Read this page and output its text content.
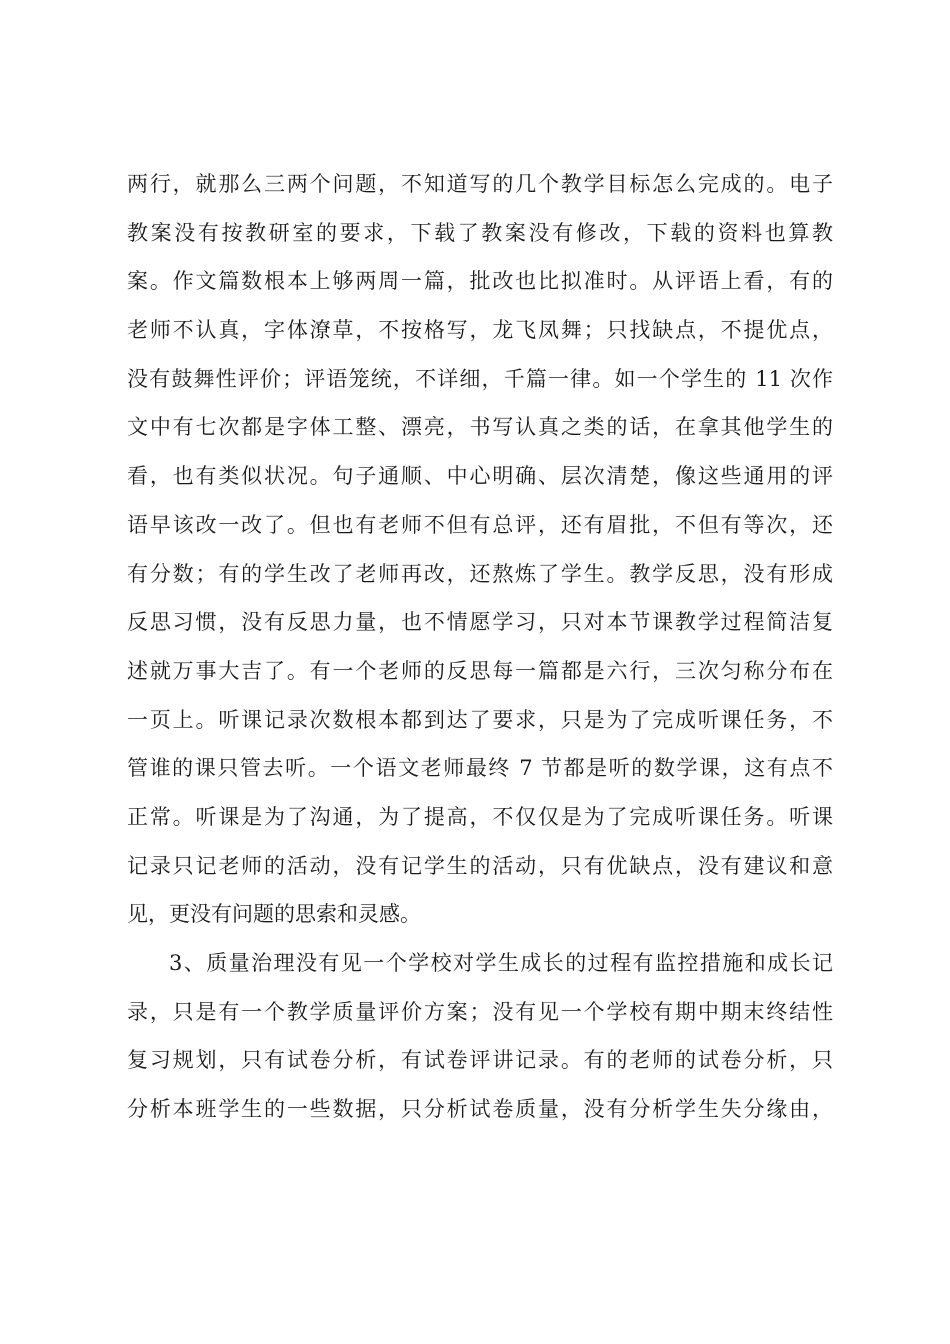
两行，就那么三两个问题，不知道写的几个教学目标怎么完成的。电子
教案没有按教研室的要求，下载了教案没有修改，下载的资料也算教
案。作文篇数根本上够两周一篇，批改也比拟准时。从评语上看，有的
老师不认真，字体潦草，不按格写，龙飞凤舞；只找缺点，不提优点，
没有鼓舞性评价；评语笼统，不详细，千篇一律。如一个学生的 11 次作
文中有七次都是字体工整、漂亮，书写认真之类的话，在拿其他学生的
看，也有类似状况。句子通顺、中心明确、层次清楚，像这些通用的评
语早该改一改了。但也有老师不但有总评，还有眉批，不但有等次，还
有分数；有的学生改了老师再改，还熬炼了学生。教学反思，没有形成
反思习惯，没有反思力量，也不情愿学习，只对本节课教学过程简洁复
述就万事大吉了。有一个老师的反思每一篇都是六行，三次匀称分布在
一页上。听课记录次数根本都到达了要求，只是为了完成听课任务，不
管谁的课只管去听。一个语文老师最终 7 节都是听的数学课，这有点不
正常。听课是为了沟通，为了提高，不仅仅是为了完成听课任务。听课
记录只记老师的活动，没有记学生的活动，只有优缺点，没有建议和意
见，更没有问题的思索和灵感。
3、质量治理没有见一个学校对学生成长的过程有监控措施和成长记
录，只是有一个教学质量评价方案；没有见一个学校有期中期末终结性
复习规划，只有试卷分析，有试卷评讲记录。有的老师的试卷分析，只
分析本班学生的一些数据，只分析试卷质量，没有分析学生失分缘由，
